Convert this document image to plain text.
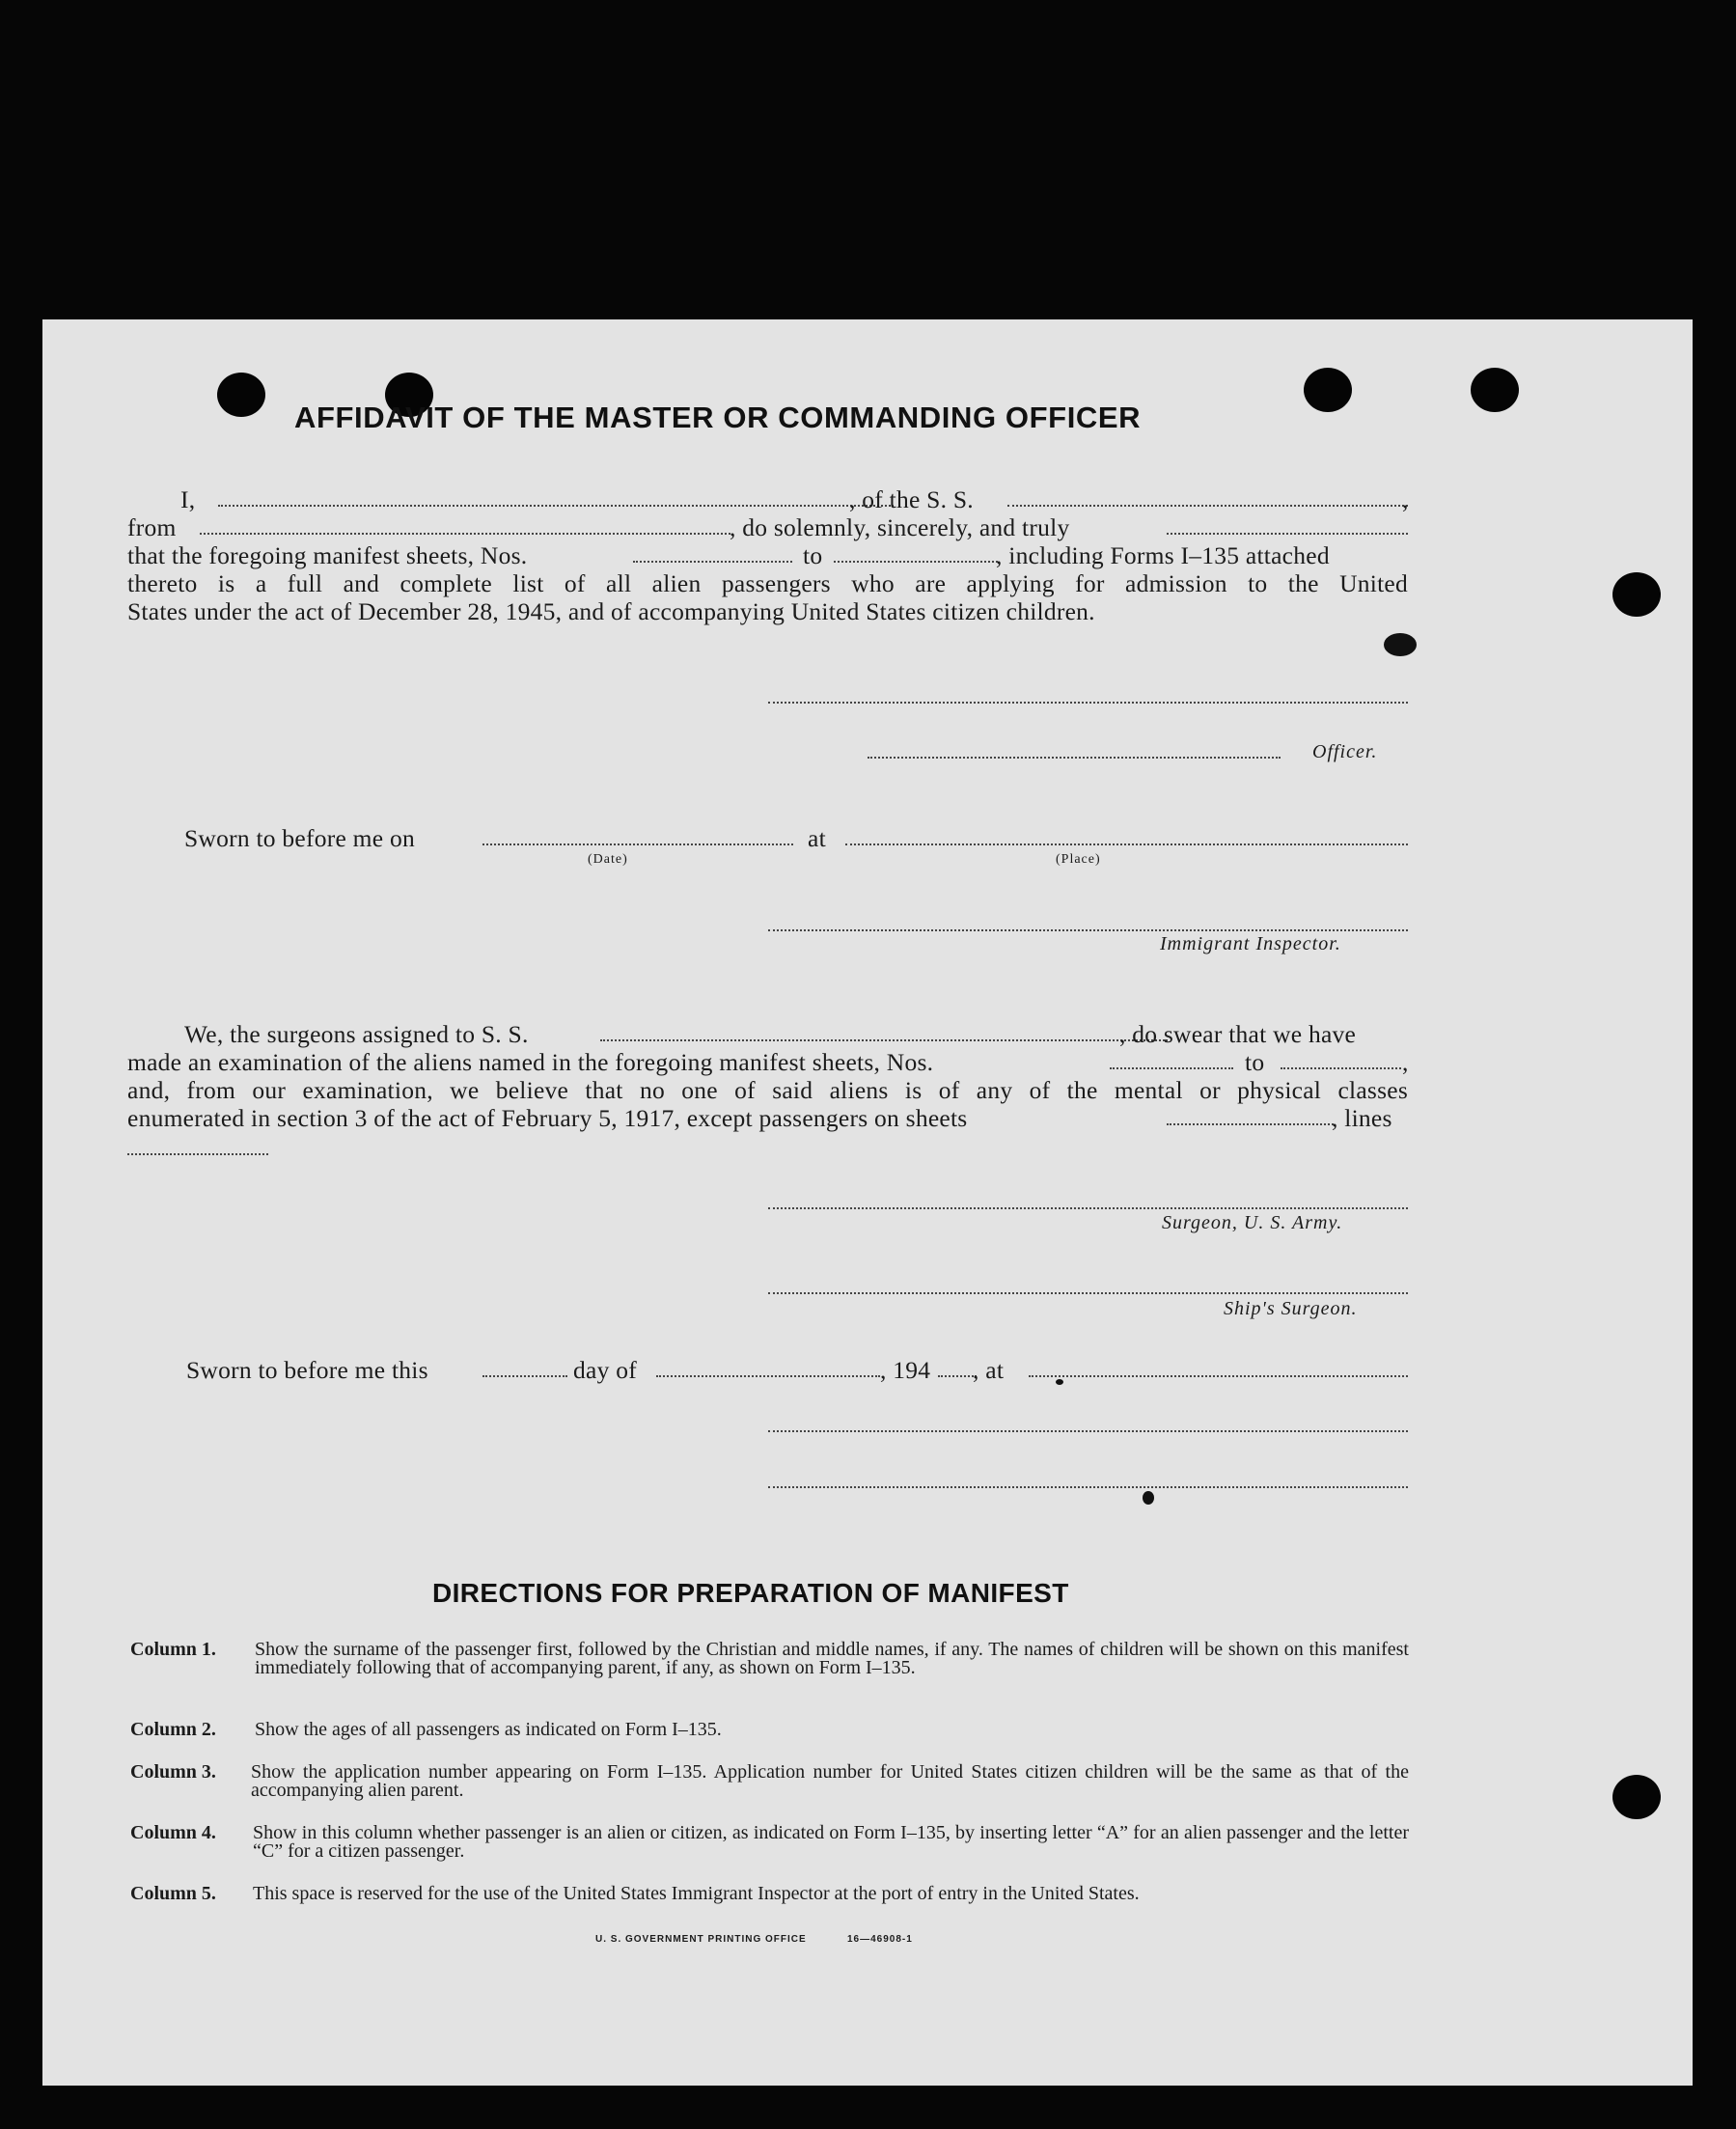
AFFIDAVIT OF THE MASTER OR COMMANDING OFFICER
I,	, of the S. S.	,
from	, do solemnly, sincerely, and truly
that the foregoing manifest sheets, Nos.	to	, including Forms I–135 attached
thereto is a full and complete list of all alien passengers who are applying for admission to the United
States under the act of December 28, 1945, and of accompanying United States citizen children.
Officer.
Sworn to before me on
(Date)
at
(Place)
Immigrant Inspector.
We, the surgeons assigned to S. S.	, do swear that we have
made an examination of the aliens named in the foregoing manifest sheets, Nos.	to	,
and, from our examination, we believe that no one of said aliens is of any of the mental or physical classes
enumerated in section 3 of the act of February 5, 1917, except passengers on sheets	, lines
Surgeon, U. S. Army.
Ship's Surgeon.
Sworn to before me this	day of	, 194 , at
DIRECTIONS FOR PREPARATION OF MANIFEST
Column 1. Show the surname of the passenger first, followed by the Christian and middle names, if any. The names of children will be shown on this manifest immediately following that of accompanying parent, if any, as shown on Form I–135.
Column 2. Show the ages of all passengers as indicated on Form I–135.
Column 3. Show the application number appearing on Form I–135. Application number for United States citizen children will be the same as that of the accompanying alien parent.
Column 4. Show in this column whether passenger is an alien or citizen, as indicated on Form I–135, by inserting letter “A” for an alien passenger and the letter “C” for a citizen passenger.
Column 5. This space is reserved for the use of the United States Immigrant Inspector at the port of entry in the United States.
U. S. GOVERNMENT PRINTING OFFICE	16—46908-1
